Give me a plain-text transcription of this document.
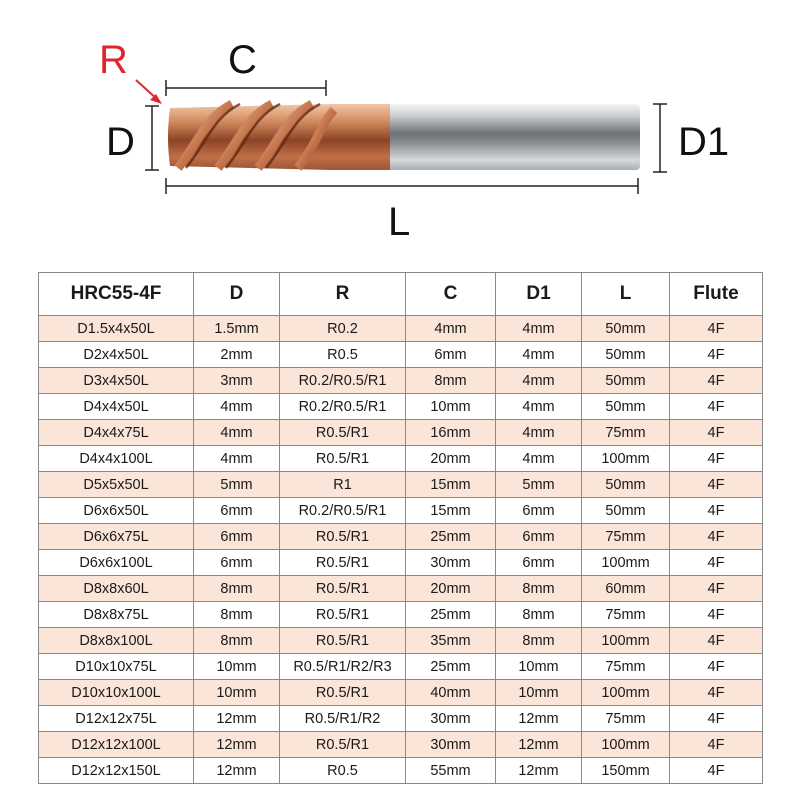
R	C
D	D1
L
HRC55-4F	D	R	C	D1	L	Flute
D1.5x4x50L	1.5mm	R0.2	4mm	4mm	50mm	4F
D2x4x50L	2mm	R0.5	6mm	4mm	50mm	4F
D3x4x50L	3mm	R0.2/R0.5/R1	8mm	4mm	50mm	4F
D4x4x50L	4mm	R0.2/R0.5/R1	10mm	4mm	50mm	4F
D4x4x75L	4mm	R0.5/R1	16mm	4mm	75mm	4F
D4x4x100L	4mm	R0.5/R1	20mm	4mm	100mm	4F
D5x5x50L	5mm	R1	15mm	5mm	50mm	4F
D6x6x50L	6mm	R0.2/R0.5/R1	15mm	6mm	50mm	4F
D6x6x75L	6mm	R0.5/R1	25mm	6mm	75mm	4F
D6x6x100L	6mm	R0.5/R1	30mm	6mm	100mm	4F
D8x8x60L	8mm	R0.5/R1	20mm	8mm	60mm	4F
D8x8x75L	8mm	R0.5/R1	25mm	8mm	75mm	4F
D8x8x100L	8mm	R0.5/R1	35mm	8mm	100mm	4F
D10x10x75L	10mm	R0.5/R1/R2/R3	25mm	10mm	75mm	4F
D10x10x100L	10mm	R0.5/R1	40mm	10mm	100mm	4F
D12x12x75L	12mm	R0.5/R1/R2	30mm	12mm	75mm	4F
D12x12x100L	12mm	R0.5/R1	30mm	12mm	100mm	4F
D12x12x150L	12mm	R0.5	55mm	12mm	150mm	4F
